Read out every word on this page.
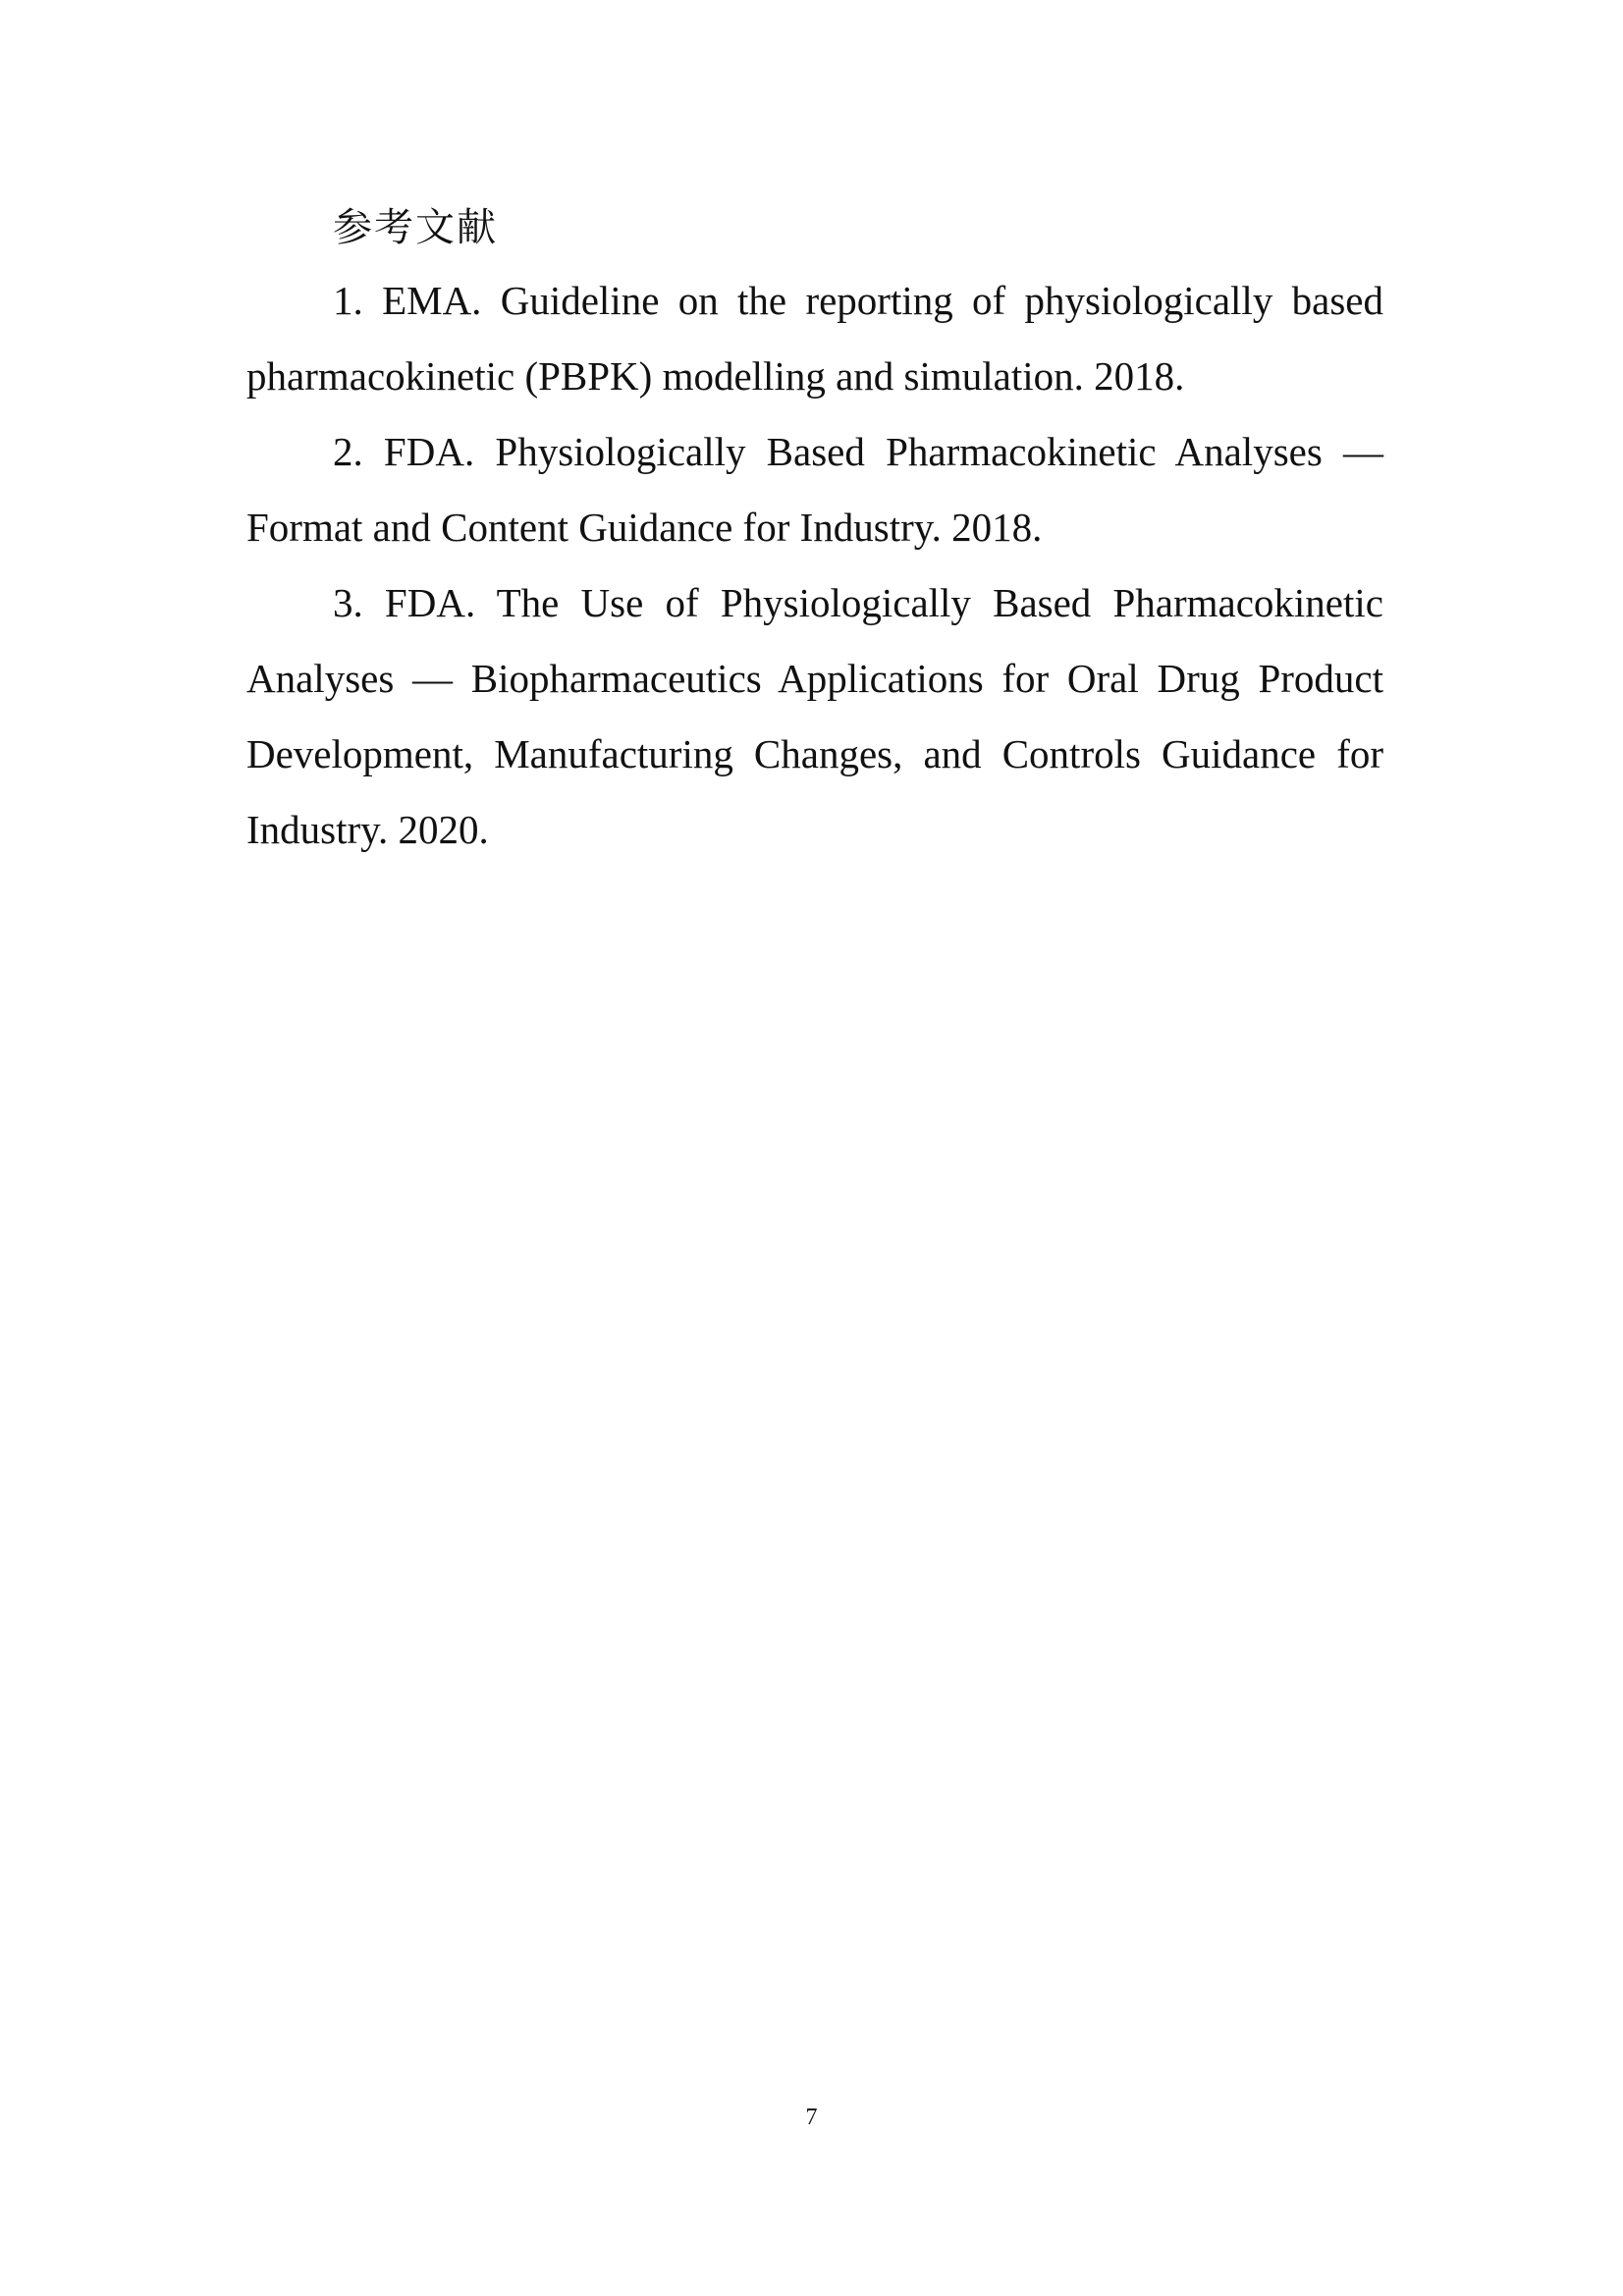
参考文献

1. EMA. Guideline on the reporting of physiologically based pharmacokinetic (PBPK) modelling and simulation. 2018.

2. FDA. Physiologically Based Pharmacokinetic Analyses — Format and Content Guidance for Industry. 2018.

3. FDA. The Use of Physiologically Based Pharmacokinetic Analyses — Biopharmaceutics Applications for Oral Drug Product Development, Manufacturing Changes, and Controls Guidance for Industry. 2020.

7
